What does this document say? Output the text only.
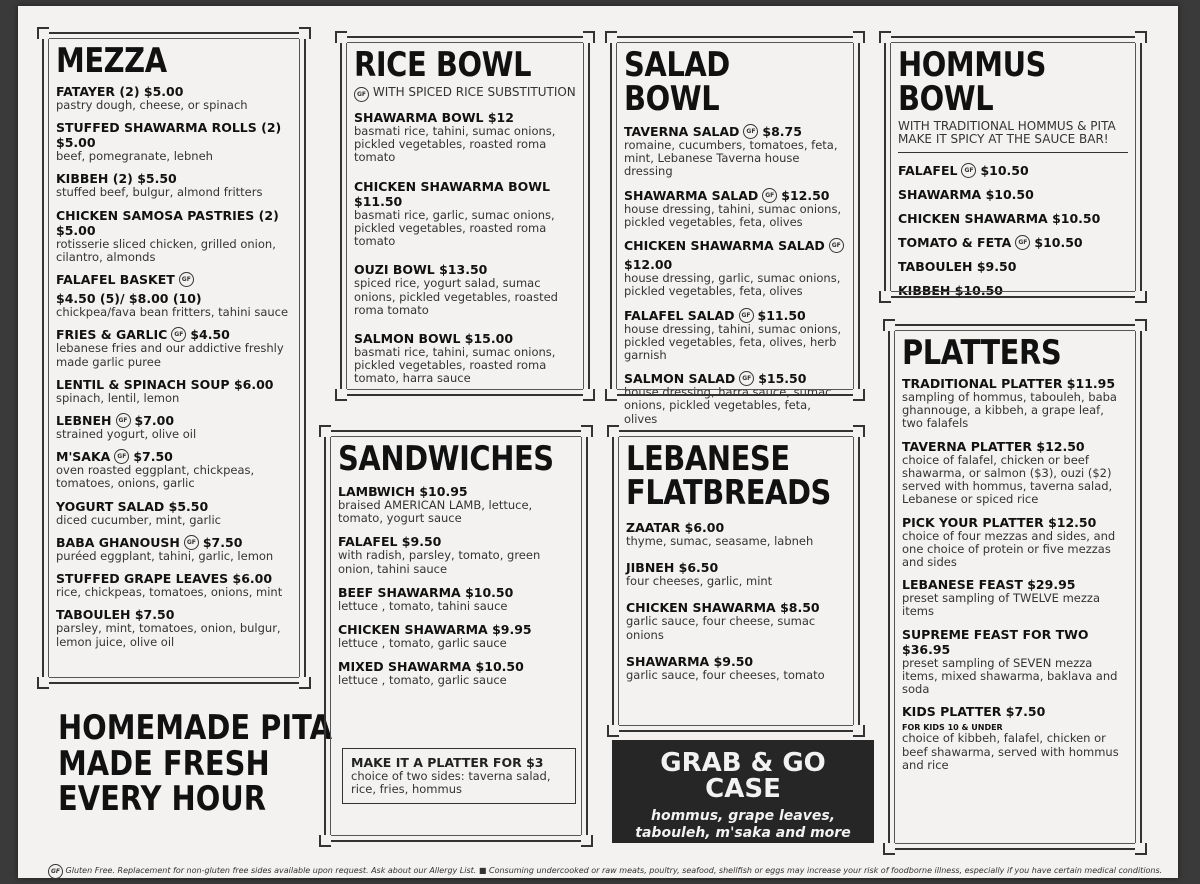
MEZZA
FATAYER (2) $5.00
pastry dough, cheese, or spinach
STUFFED SHAWARMA ROLLS (2) $5.00
beef, pomegranate, lebneh
KIBBEH (2) $5.50
stuffed beef, bulgur, almond fritters
CHICKEN SAMOSA PASTRIES (2) $5.00
rotisserie sliced chicken, grilled onion, cilantro, almonds
FALAFEL BASKET	GF
$4.50 (5)/ $8.00 (10)
chickpea/fava bean fritters, tahini sauce
FRIES & GARLIC	GF $4.50
lebanese fries and our addictive freshly made garlic puree
LENTIL & SPINACH SOUP $6.00
spinach, lentil, lemon
LEBNEH	GF $7.00
strained yogurt, olive oil
M'SAKA	GF $7.50
oven roasted eggplant, chickpeas, tomatoes, onions, garlic
YOGURT SALAD $5.50
diced cucumber, mint, garlic
BABA GHANOUSH	GF $7.50
puréed eggplant, tahini, garlic, lemon
STUFFED GRAPE LEAVES $6.00
rice, chickpeas, tomatoes, onions, mint
TABOULEH $7.50
parsley, mint, tomatoes, onion, bulgur, lemon juice, olive oil
HOMEMADE PITA
MADE FRESH
EVERY HOUR
RICE BOWL
GF WITH SPICED RICE SUBSTITUTION
SHAWARMA BOWL $12
basmati rice, tahini, sumac onions, pickled vegetables, roasted roma tomato
CHICKEN SHAWARMA BOWL $11.50
basmati rice, garlic, sumac onions, pickled vegetables, roasted roma tomato
OUZI BOWL $13.50
spiced rice, yogurt salad, sumac onions, pickled vegetables, roasted roma tomato
SALMON BOWL $15.00
basmati rice, tahini, sumac onions, pickled vegetables, roasted roma tomato, harra sauce
SALAD BOWL
TAVERNA SALAD	GF $8.75
romaine, cucumbers, tomatoes, feta, mint, Lebanese Taverna house dressing
SHAWARMA SALAD	GF $12.50
house dressing, tahini, sumac onions, pickled vegetables, feta, olives
CHICKEN SHAWARMA SALAD	GF
$12.00
house dressing, garlic, sumac onions, pickled vegetables, feta, olives
FALAFEL SALAD	GF $11.50
house dressing, tahini, sumac onions, pickled vegetables, feta, olives, herb garnish
SALMON SALAD	GF $15.50
house dressing, harra sauce, sumac onions, pickled vegetables, feta, olives
HOMMUS BOWL
WITH TRADITIONAL HOMMUS & PITA
MAKE IT SPICY AT THE SAUCE BAR!
FALAFEL	GF $10.50
SHAWARMA $10.50
CHICKEN SHAWARMA $10.50
TOMATO & FETA	GF $10.50
TABOULEH $9.50
KIBBEH $10.50
PLATTERS
TRADITIONAL PLATTER $11.95
sampling of hommus, tabouleh, baba ghannouge, a kibbeh, a grape leaf, two falafels
TAVERNA PLATTER $12.50
choice of falafel, chicken or beef shawarma, or salmon ($3), ouzi ($2) served with hommus, taverna salad, Lebanese or spiced rice
PICK YOUR PLATTER $12.50
choice of four mezzas and sides, and one choice of protein or five mezzas and sides
LEBANESE FEAST $29.95
preset sampling of TWELVE mezza items
SUPREME FEAST FOR TWO $36.95
preset sampling of SEVEN mezza items, mixed shawarma, baklava and soda
KIDS PLATTER $7.50
FOR KIDS 10 & UNDER
choice of kibbeh, falafel, chicken or beef shawarma, served with hommus and rice
SANDWICHES
LAMBWICH $10.95
braised AMERICAN LAMB, lettuce, tomato, yogurt sauce
FALAFEL $9.50
with radish, parsley, tomato, green onion, tahini sauce
BEEF SHAWARMA $10.50
lettuce , tomato, tahini sauce
CHICKEN SHAWARMA $9.95
lettuce , tomato, garlic sauce
MIXED SHAWARMA $10.50
lettuce , tomato, garlic sauce
MAKE IT A PLATTER FOR $3
choice of two sides: taverna salad, rice, fries, hommus
LEBANESE
FLATBREADS
ZAATAR $6.00
thyme, sumac, seasame, labneh
JIBNEH $6.50
four cheeses, garlic, mint
CHICKEN SHAWARMA $8.50
garlic sauce, four cheese, sumac onions
SHAWARMA $9.50
garlic sauce, four cheeses, tomato
GRAB & GO CASE
hommus, grape leaves,
tabouleh, m'saka and more
GF Gluten Free. Replacement for non-gluten free sides available upon request. Ask about our Allergy List. ■ Consuming undercooked or raw meats, poultry, seafood, shellfish or eggs may increase your risk of foodborne illness, especially if you have certain medical conditions.
